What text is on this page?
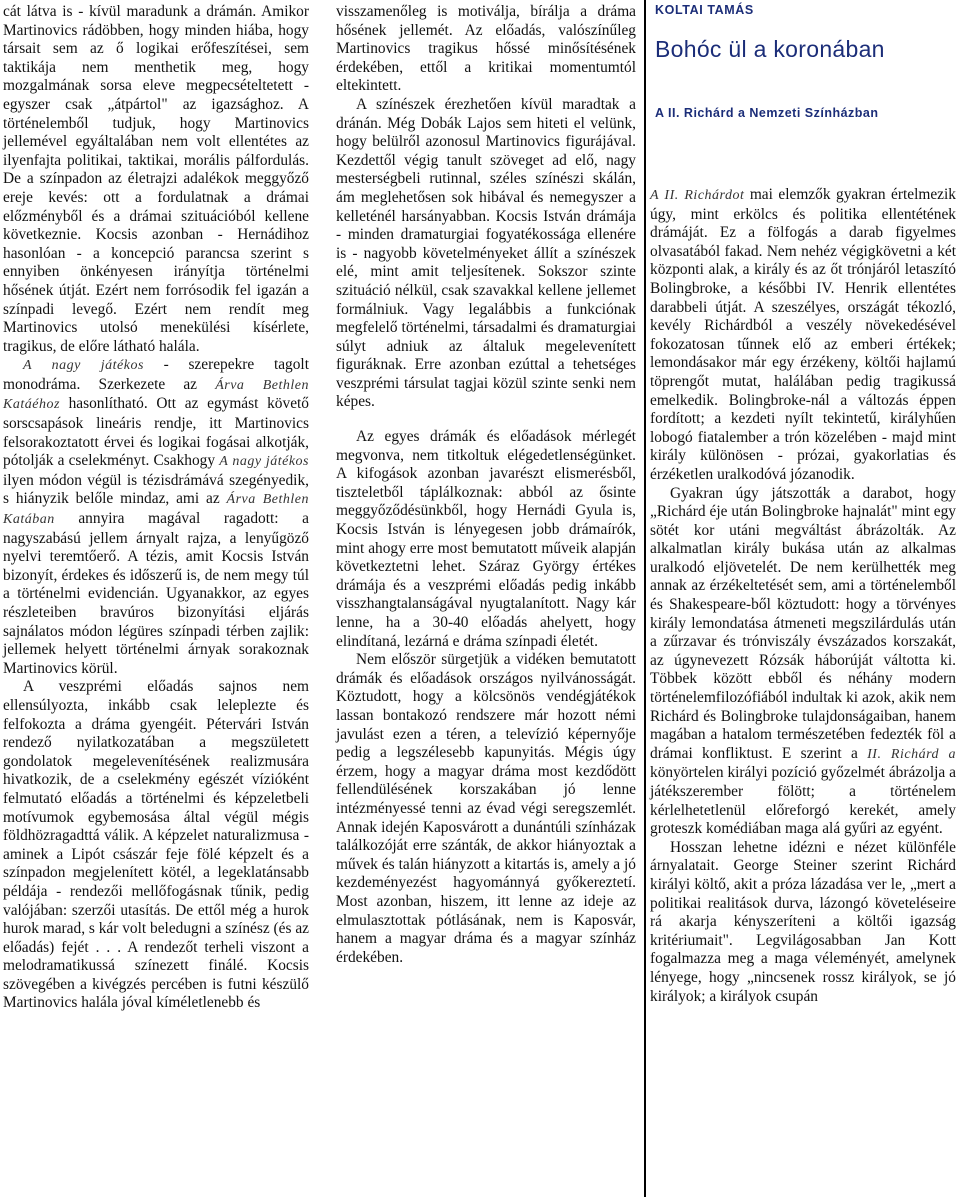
cát látva is - kívül maradunk a drámán. Amikor Martinovics rádöbben, hogy minden hiába, hogy társait sem az ő logikai erőfeszítései, sem taktikája nem menthetik meg, hogy mozgalmának sorsa eleve megpecsételtetett - egyszer csak „átpártol" az igazsághoz. A történelemből tudjuk, hogy Martinovics jellemével egyáltalában nem volt ellentétes az ilyenfajta politikai, taktikai, morális pálfordulás. De a színpadon az életrajzi adalékok meggyőző ereje kevés: ott a fordulatnak a drámai előzményből és a drámai szituációból kellene következnie. Kocsis azonban - Hernádihoz hasonlóan - a koncepció parancsa szerint s ennyiben önkényesen irányítja történelmi hősének útját. Ezért nem forrósodik fel igazán a színpadi levegő. Ezért nem rendít meg Martinovics utolsó menekülési kísérlete, tragikus, de előre látható halála.

A nagy játékos - szerepekre tagolt monodráma. Szerkezete az Árva Bethlen Katáéhoz hasonlítható. Ott az egymást követő sorscsapások lineáris rendje, itt Martinovics felsorakoztatott érvei és logikai fogásai alkotják, pótolják a cselekményt. Csakhogy A nagy játékos ilyen módon végül is tézisdrámává szegényedik, s hiányzik belőle mindaz, ami az Árva Bethlen Katában annyira magával ragadott: a nagyszabású jellem árnyalt rajza, a lenyűgöző nyelvi teremtőerő. A tézis, amit Kocsis István bizonyít, érdekes és időszerű is, de nem megy túl a történelmi evidencián. Ugyanakkor, az egyes részleteiben bravúros bizonyítási eljárás sajnálatos módon légüres színpadi térben zajlik: jellemek helyett történelmi árnyak sorakoznak Martinovics körül.

A veszprémi előadás sajnos nem ellensúlyozta, inkább csak leleplezte és felfokozta a dráma gyengéit. Pétervári István rendező nyilatkozatában a megszületett gondolatok megelevenítésének realizmusára hivatkozik, de a cselekmény egészét vízióként felmutató előadás a történelmi és képzeletbeli motívumok egybemosása által végül mégis földhözragadttá válik. A képzelet naturalizmusa - aminek a Lipót császár feje fölé képzelt és a színpadon megjelenített kötél, a legeklatánsabb példája - rendezői mellőfogásnak tűnik, pedig valójában: szerzői utasítás. De ettől még a hurok hurok marad, s kár volt beledugni a színész (és az előadás) fejét . . . A rendezőt terheli viszont a melodramatikussá színezett finálé. Kocsis szövegében a kivégzés percében is futni készülő Martinovics halála jóval kíméletlenebb és

visszamenőleg is motiválja, bírálja a dráma hősének jellemét. Az előadás, valószínűleg Martinovics tragikus hőssé minősítésének érdekében, ettől a kritikai momentumtól eltekintett.

A színészek érezhetően kívül maradtak a dránán. Még Dobák Lajos sem hiteti el velünk, hogy belülről azonosul Martinovics figurájával. Kezdettől végig tanult szöveget ad elő, nagy mesterségbeli rutinnal, széles színészi skálán, ám meglehetősen sok hibával és nemegyszer a kelleténél harsányabban. Kocsis István drámája - minden dramaturgiai fogyatékossága ellenére is - nagyobb követelményeket állít a színészek elé, mint amit teljesítenek. Sokszor szinte szituáció nélkül, csak szavakkal kellene jellemet formálniuk. Vagy legalábbis a funkciónak megfelelő történelmi, társadalmi és dramaturgiai súlyt adniuk az általuk megelevenített figuráknak. Erre azonban ezúttal a tehetséges veszprémi társulat tagjai közül szinte senki nem képes.

Az egyes drámák és előadások mérlegét megvonva, nem titkoltuk elégedetlenségünket. A kifogások azonban javarészt elismerésből, tiszteletből táplálkoznak: abból az ősinte meggyőződésünkből, hogy Hernádi Gyula is, Kocsis István is lényegesen jobb drámaírók, mint ahogy erre most bemutatott műveik alapján következtetni lehet. Száraz György értékes drámája és a veszprémi előadás pedig inkább visszhangtalanságával nyugtalanított. Nagy kár lenne, ha a 30-40 előadás ahelyett, hogy elindítaná, lezárná e dráma színpadi életét.

Nem először sürgetjük a vidéken bemutatott drámák és előadások országos nyilvánosságát. Köztudott, hogy a kölcsönös vendégjátékok lassan bontakozó rendszere már hozott némi javulást ezen a téren, a televízió képernyője pedig a legszélesebb kapunyitás. Mégis úgy érzem, hogy a magyar dráma most kezdődött fellendülésének korszakában jó lenne intézményessé tenni az évad végi seregszemlét. Annak idején Kaposvárott a dunántúli színházak találkozóját erre szánták, de akkor hiányoztak a művek és talán hiányzott a kitartás is, amely a jó kezdeményezést hagyománnyá győkereztetí. Most azonban, hiszem, itt lenne az ideje az elmulasztottak pótlásának, nem is Kaposvár, hanem a magyar dráma és a magyar színház érdekében.

KOLTAI TAMÁS
Bohóc ül a koronában
A II. Richárd a Nemzeti Színházban

A II. Richárdot mai elemzők gyakran értelmezik úgy, mint erkölcs és politika ellentétének drámáját. Ez a fölfogás a darab figyelmes olvasatából fakad. Nem nehéz végigkövetni a két központi alak, a király és az őt trónjáról letaszító Bolingbroke, a későbbi IV. Henrik ellentétes darabbeli útját. A szeszélyes, országát tékozló, kevély Richárdból a veszély növekedésével fokozatosan tűnnek elő az emberi értékek; lemondásakor már egy érzékeny, költői hajlamú töprengőt mutat, halálában pedig tragikussá emelkedik. Bolingbroke-nál a változás éppen fordított; a kezdeti nyílt tekintetű, királyhűen lobogó fiatalember a trón közelében - majd mint király különösen - prózai, gyakorlatias és érzéketlen uralkodóvá józanodik.

Gyakran úgy játszották a darabot, hogy „Richárd éje után Bolingbroke hajnalát" mint egy sötét kor utáni megváltást ábrázolták. Az alkalmatlan király bukása után az alkalmas uralkodó eljövetelét. De nem kerülhették meg annak az érzékeltetését sem, ami a történelemből és Shakespeare-ből köztudott: hogy a törvényes király lemondatása átmeneti megszilárdulás után a zűrzavar és trónviszály évszázados korszakát, az úgynevezett Rózsák háborúját váltotta ki. Többek között ebből és néhány modern történelemfilozófiából indultak ki azok, akik nem Richárd és Bolingbroke tulajdonságaiban, hanem magában a hatalom természetében fedezték föl a drámai konfliktust. E szerint a II. Richárd a könyörtelen királyi pozíció győzelmét ábrázolja a játékszerember fölött; a történelem kérlelhetetlenül előreforgó kerekét, amely groteszk komédiában maga alá gyűri az egyént.

Hosszan lehetne idézni e nézet különféle árnyalatait. George Steiner szerint Richárd királyi költő, akit a próza lázadása ver le, „mert a politikai realitások durva, lázongó követeléseire rá akarja kényszeríteni a költői igazság kritériumait". Legvilágosabban Jan Kott fogalmazza meg a maga véleményét, amelynek lényege, hogy „nincsenek rossz királyok, se jó királyok; a királyok csupán
